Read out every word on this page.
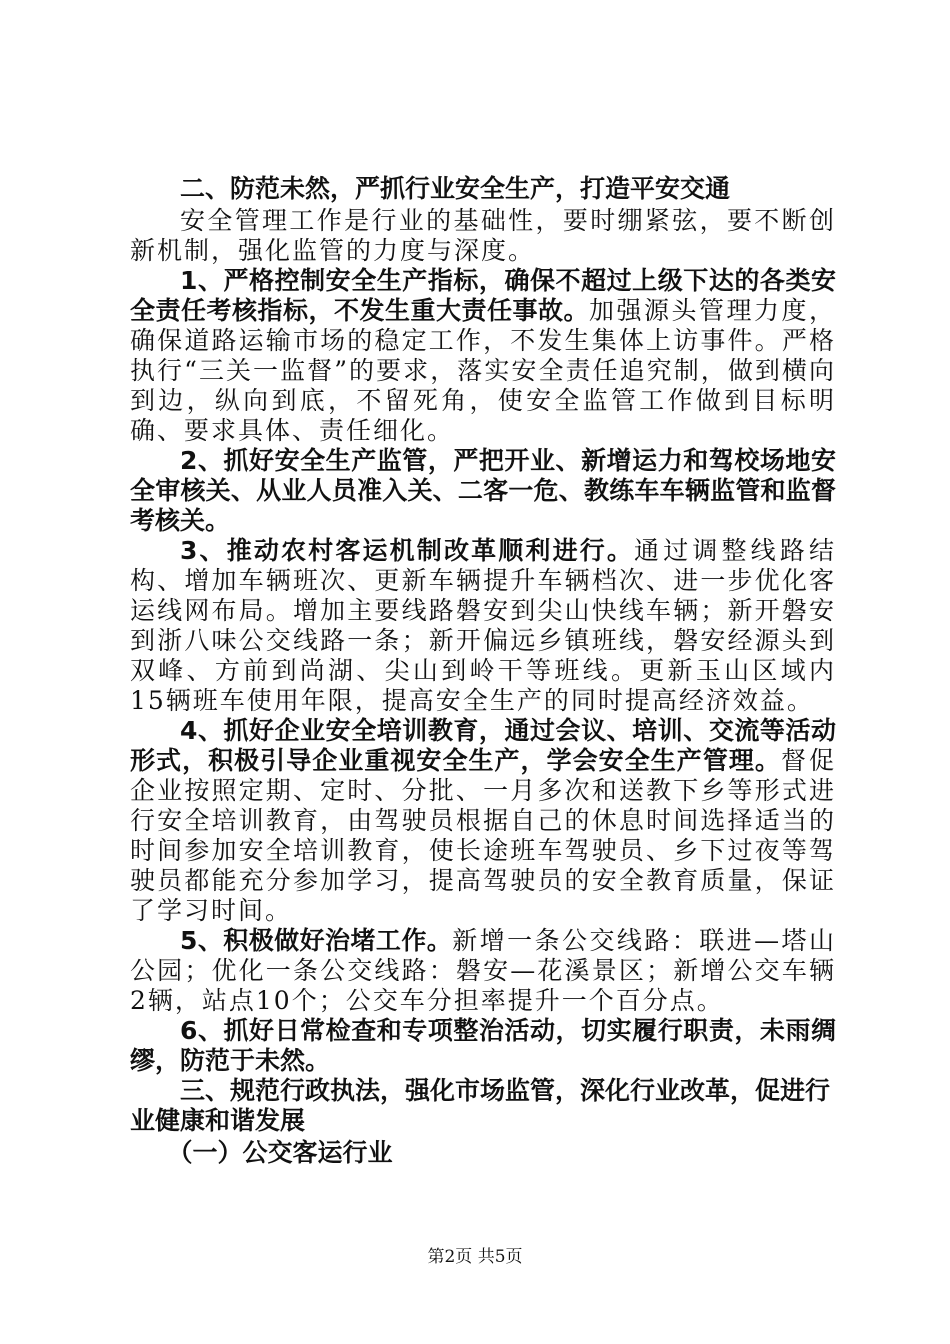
二、防范未然，严抓行业安全生产，打造平安交通

安全管理工作是行业的基础性，要时绷紧弦，要不断创新机制，强化监管的力度与深度。

1、严格控制安全生产指标，确保不超过上级下达的各类安全责任考核指标，不发生重大责任事故。加强源头管理力度，确保道路运输市场的稳定工作，不发生集体上访事件。严格执行“三关一监督”的要求，落实安全责任追究制，做到横向到边，纵向到底，不留死角，使安全监管工作做到目标明确、要求具体、责任细化。

2、抓好安全生产监管，严把开业、新增运力和驾校场地安全审核关、从业人员准入关、二客一危、教练车车辆监管和监督考核关。

3、推动农村客运机制改革顺利进行。通过调整线路结构、增加车辆班次、更新车辆提升车辆档次、进一步优化客运线网布局。增加主要线路磐安到尖山快线车辆；新开磐安到浙八味公交线路一条；新开偏远乡镇班线，磐安经源头到双峰、方前到尚湖、尖山到岭干等班线。更新玉山区域内15辆班车使用年限，提高安全生产的同时提高经济效益。

4、抓好企业安全培训教育，通过会议、培训、交流等活动形式，积极引导企业重视安全生产，学会安全生产管理。督促企业按照定期、定时、分批、一月多次和送教下乡等形式进行安全培训教育，由驾驶员根据自己的休息时间选择适当的时间参加安全培训教育，使长途班车驾驶员、乡下过夜等驾驶员都能充分参加学习，提高驾驶员的安全教育质量，保证了学习时间。

5、积极做好治堵工作。新增一条公交线路：联进—塔山公园；优化一条公交线路：磐安—花溪景区；新增公交车辆2辆，站点10个；公交车分担率提升一个百分点。

6、抓好日常检查和专项整治活动，切实履行职责，未雨绸缪，防范于未然。

三、规范行政执法，强化市场监管，深化行业改革，促进行业健康和谐发展

（一）公交客运行业

第2页 共5页
